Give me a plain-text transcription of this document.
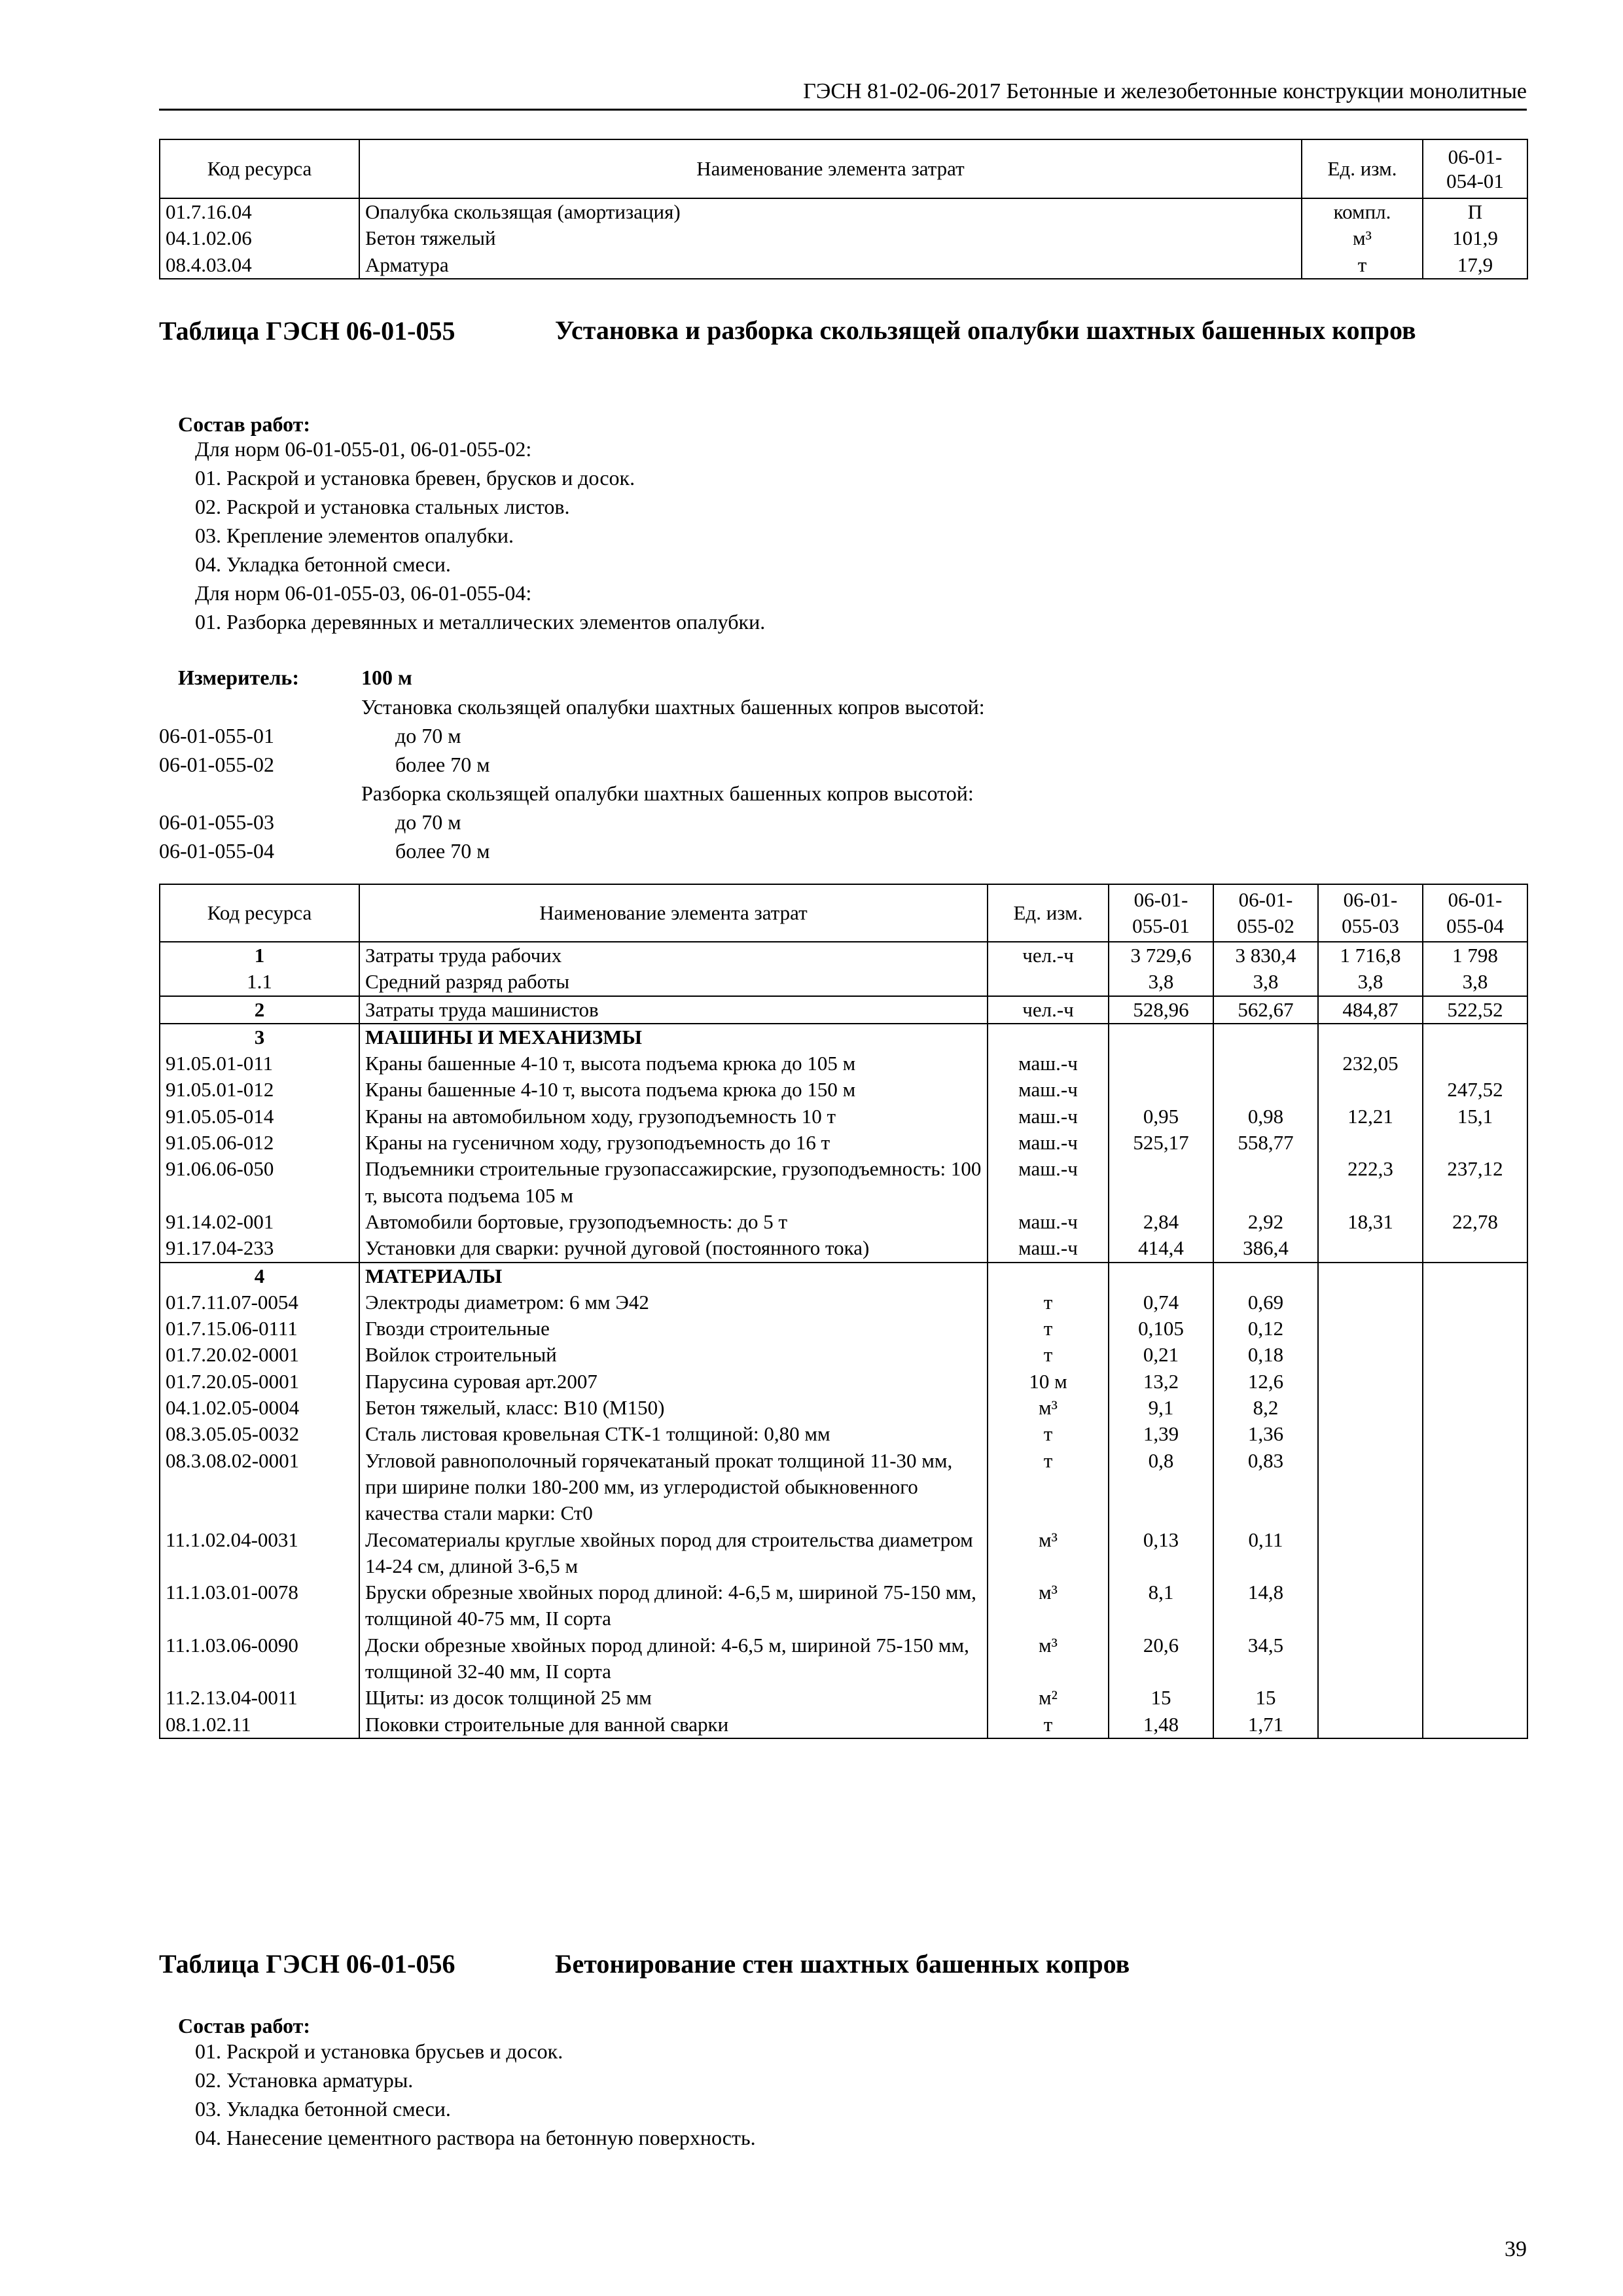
ГЭСН 81-02-06-2017 Бетонные и железобетонные конструкции монолитные
Код ресурса	Наименование элемента затрат	Ед. изм.	06-01-
054-01
01.7.16.04	Опалубка скользящая (амортизация)	компл.	П
04.1.02.06	Бетон тяжелый	м³	101,9
08.4.03.04	Арматура	т	17,9
Таблица ГЭСН 06-01-055	Установка и разборка скользящей опалубки шахтных башенных копров
Состав работ:
Для норм 06-01-055-01, 06-01-055-02:
01. Раскрой и установка бревен, брусков и досок.
02. Раскрой и установка стальных листов.
03. Крепление элементов опалубки.
04. Укладка бетонной смеси.
Для норм 06-01-055-03, 06-01-055-04:
01. Разборка деревянных и металлических элементов опалубки.
Измеритель:	100 м
Установка скользящей опалубки шахтных башенных копров высотой:
06-01-055-01	до 70 м
06-01-055-02	более 70 м
Разборка скользящей опалубки шахтных башенных копров высотой:
06-01-055-03	до 70 м
06-01-055-04	более 70 м
Код ресурса	Наименование элемента затрат	Ед. изм.	06-01-
055-01	06-01-
055-02	06-01-
055-03	06-01-
055-04
1	Затраты труда рабочих	чел.-ч	3 729,6	3 830,4	1 716,8	1 798
1.1	Средний разряд работы		3,8	3,8	3,8	3,8
2	Затраты труда машинистов	чел.-ч	528,96	562,67	484,87	522,52
3	МАШИНЫ И МЕХАНИЗМЫ					
91.05.01-011	Краны башенные 4-10 т, высота подъема крюка до 105 м	маш.-ч			232,05	
91.05.01-012	Краны башенные 4-10 т, высота подъема крюка до 150 м	маш.-ч				247,52
91.05.05-014	Краны на автомобильном ходу, грузоподъемность 10 т	маш.-ч	0,95	0,98	12,21	15,1
91.05.06-012	Краны на гусеничном ходу, грузоподъемность до 16 т	маш.-ч	525,17	558,77		
91.06.06-050	Подъемники строительные грузопассажирские, грузоподъемность: 100 т, высота подъема 105 м	маш.-ч			222,3	237,12
91.14.02-001	Автомобили бортовые, грузоподъемность: до 5 т	маш.-ч	2,84	2,92	18,31	22,78
91.17.04-233	Установки для сварки: ручной дуговой (постоянного тока)	маш.-ч	414,4	386,4		
4	МАТЕРИАЛЫ					
01.7.11.07-0054	Электроды диаметром: 6 мм Э42	т	0,74	0,69		
01.7.15.06-0111	Гвозди строительные	т	0,105	0,12		
01.7.20.02-0001	Войлок строительный	т	0,21	0,18		
01.7.20.05-0001	Парусина суровая арт.2007	10 м	13,2	12,6		
04.1.02.05-0004	Бетон тяжелый, класс: В10 (М150)	м³	9,1	8,2		
08.3.05.05-0032	Сталь листовая кровельная СТК-1 толщиной: 0,80 мм	т	1,39	1,36		
08.3.08.02-0001	Угловой равнополочный горячекатаный прокат толщиной 11-30 мм, при ширине полки 180-200 мм, из углеродистой обыкновенного качества стали марки: Ст0	т	0,8	0,83		
11.1.02.04-0031	Лесоматериалы круглые хвойных пород для строительства диаметром 14-24 см, длиной 3-6,5 м	м³	0,13	0,11		
11.1.03.01-0078	Бруски обрезные хвойных пород длиной: 4-6,5 м, шириной 75-150 мм, толщиной 40-75 мм, II сорта	м³	8,1	14,8		
11.1.03.06-0090	Доски обрезные хвойных пород длиной: 4-6,5 м, шириной 75-150 мм, толщиной 32-40 мм, II сорта	м³	20,6	34,5		
11.2.13.04-0011	Щиты: из досок толщиной 25 мм	м²	15	15		
08.1.02.11	Поковки строительные для ванной сварки	т	1,48	1,71		
Таблица ГЭСН 06-01-056	Бетонирование стен шахтных башенных копров
Состав работ:
01. Раскрой и установка брусьев и досок.
02. Установка арматуры.
03. Укладка бетонной смеси.
04. Нанесение цементного раствора на бетонную поверхность.
39
